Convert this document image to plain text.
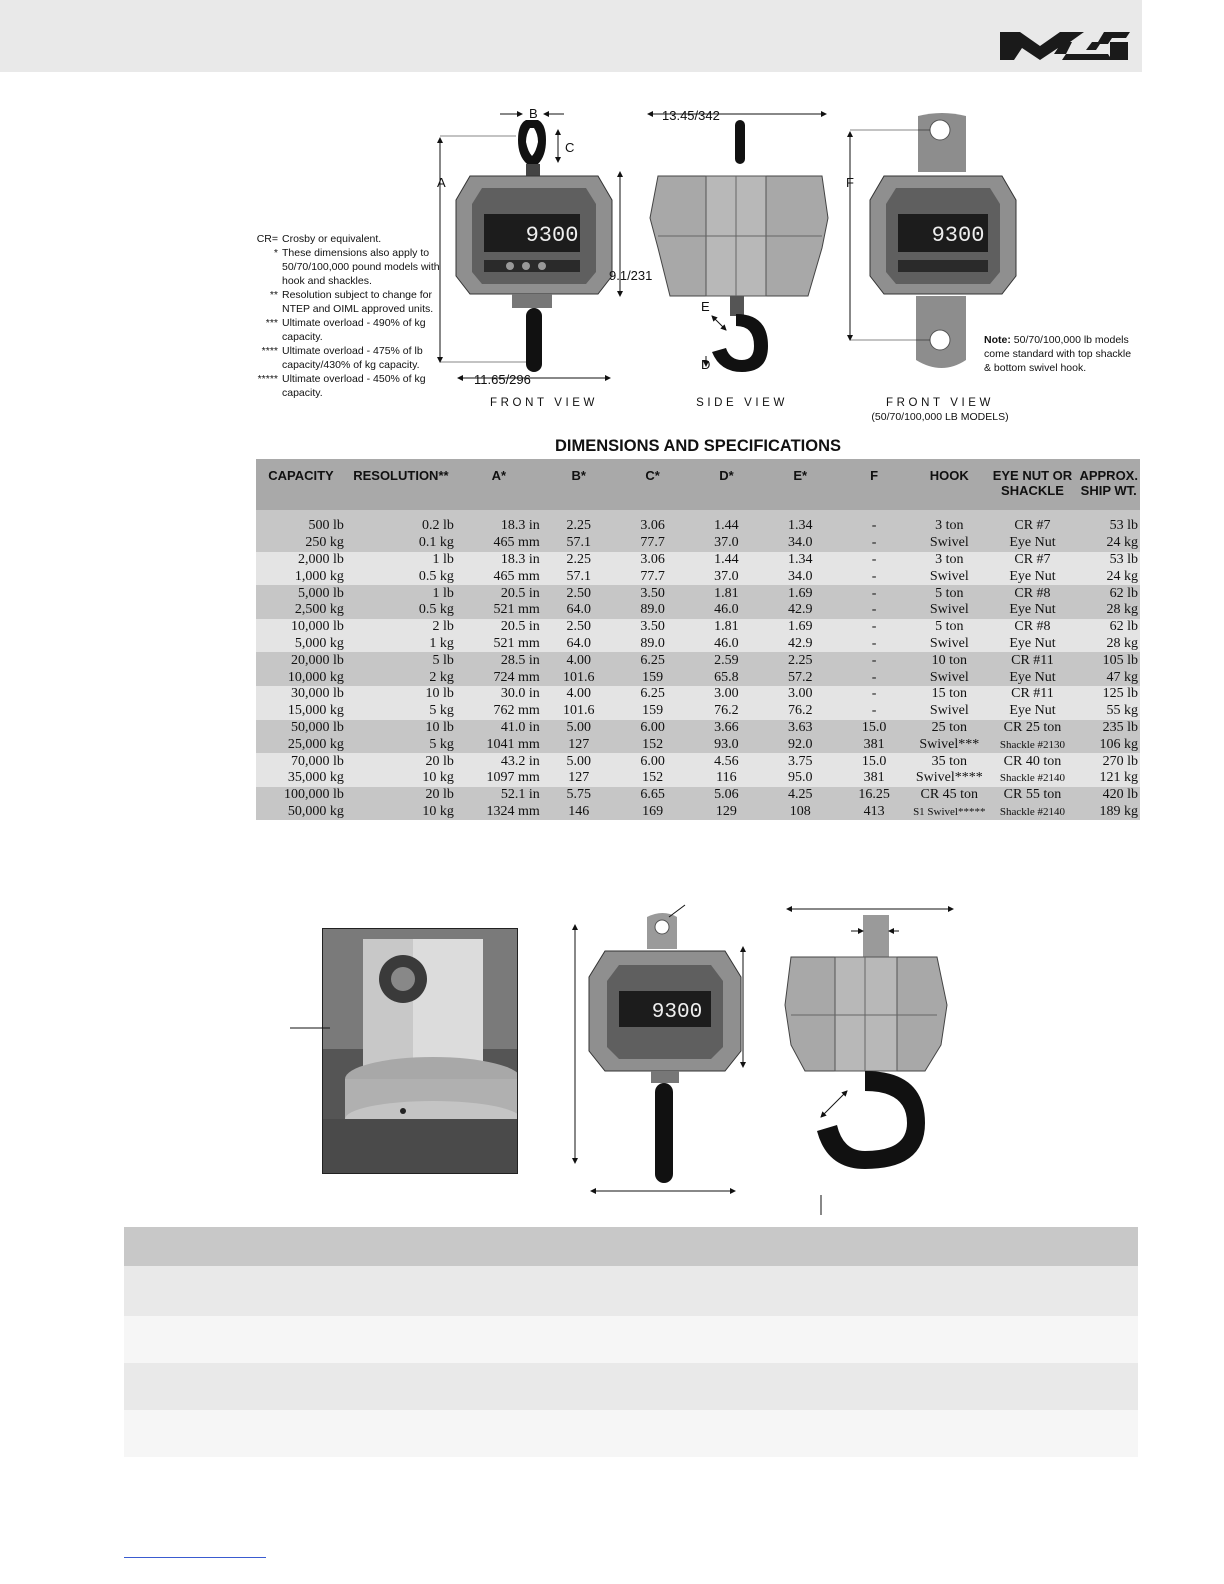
CR= Crosby or equivalent.
* These dimensions also apply to 50/70/100,000 pound models with hook and shackles.
** Resolution subject to change for NTEP and OIML approved units.
*** Ultimate overload - 490% of kg capacity.
**** Ultimate overload - 475% of lb capacity/430% of kg capacity.
***** Ultimate overload - 450% of kg capacity.
9300	9300
B
C
A
9.1/231
11.65/296
13.45/342
E
D
F
FRONT VIEW	SIDE VIEW	FRONT VIEW
(50/70/100,000 LB MODELS)
Note: 50/70/100,000 lb models come standard with top shackle & bottom swivel hook.
DIMENSIONS AND SPECIFICATIONS
CAPACITY	RESOLUTION**	A*	B*	C*	D*	E*	F	HOOK	EYE NUT OR SHACKLE	APPROX. SHIP WT.

500 lb	0.2 lb	18.3 in	2.25	3.06	1.44	1.34	-	3 ton	CR #7	53 lb
250 kg	0.1 kg	465 mm	57.1	77.7	37.0	34.0	-	Swivel	Eye Nut	24 kg
2,000 lb	1 lb	18.3 in	2.25	3.06	1.44	1.34	-	3 ton	CR #7	53 lb
1,000 kg	0.5 kg	465 mm	57.1	77.7	37.0	34.0	-	Swivel	Eye Nut	24 kg
5,000 lb	1 lb	20.5 in	2.50	3.50	1.81	1.69	-	5 ton	CR #8	62 lb
2,500 kg	0.5 kg	521 mm	64.0	89.0	46.0	42.9	-	Swivel	Eye Nut	28 kg
10,000 lb	2 lb	20.5 in	2.50	3.50	1.81	1.69	-	5 ton	CR #8	62 lb
5,000 kg	1 kg	521 mm	64.0	89.0	46.0	42.9	-	Swivel	Eye Nut	28 kg
20,000 lb	5 lb	28.5 in	4.00	6.25	2.59	2.25	-	10 ton	CR #11	105 lb
10,000 kg	2 kg	724 mm	101.6	159	65.8	57.2	-	Swivel	Eye Nut	47 kg
30,000 lb	10 lb	30.0 in	4.00	6.25	3.00	3.00	-	15 ton	CR #11	125 lb
15,000 kg	5 kg	762 mm	101.6	159	76.2	76.2	-	Swivel	Eye Nut	55 kg
50,000 lb	10 lb	41.0 in	5.00	6.00	3.66	3.63	15.0	25 ton	CR 25 ton	235 lb
25,000 kg	5 kg	1041 mm	127	152	93.0	92.0	381	Swivel***	Shackle #2130	106 kg
70,000 lb	20 lb	43.2 in	5.00	6.00	4.56	3.75	15.0	35 ton	CR 40 ton	270 lb
35,000 kg	10 kg	1097 mm	127	152	116	95.0	381	Swivel****	Shackle #2140	121 kg
100,000 lb	20 lb	52.1 in	5.75	6.65	5.06	4.25	16.25	CR 45 ton	CR 55 ton	420 lb
50,000 kg	10 kg	1324 mm	146	169	129	108	413	S1 Swivel*****	Shackle #2140	189 kg
9300
